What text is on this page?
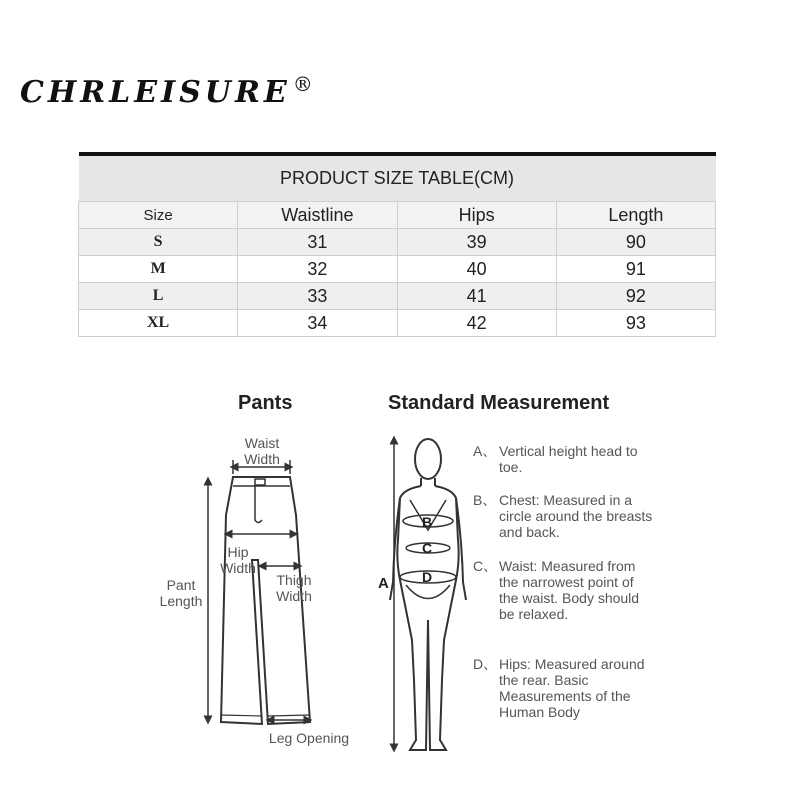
CHRLEISURE ®
PRODUCT SIZE TABLE(CM)			
Size	Waistline	Hips	Length
S	31	39	90
M	32	40	91
L	33	41	92
XL	34	42	93
Pants
Waist Width
Hip Width
Thigh Width
Pant Length
Leg Opening
Standard Measurement
A
B
C
D
A、 Vertical height head to toe.
B、 Chest: Measured in a circle around the breasts and back.
C、 Waist: Measured from the narrowest point of the waist. Body should be relaxed.
D、 Hips: Measured around the rear. Basic Measurements of the Human Body
